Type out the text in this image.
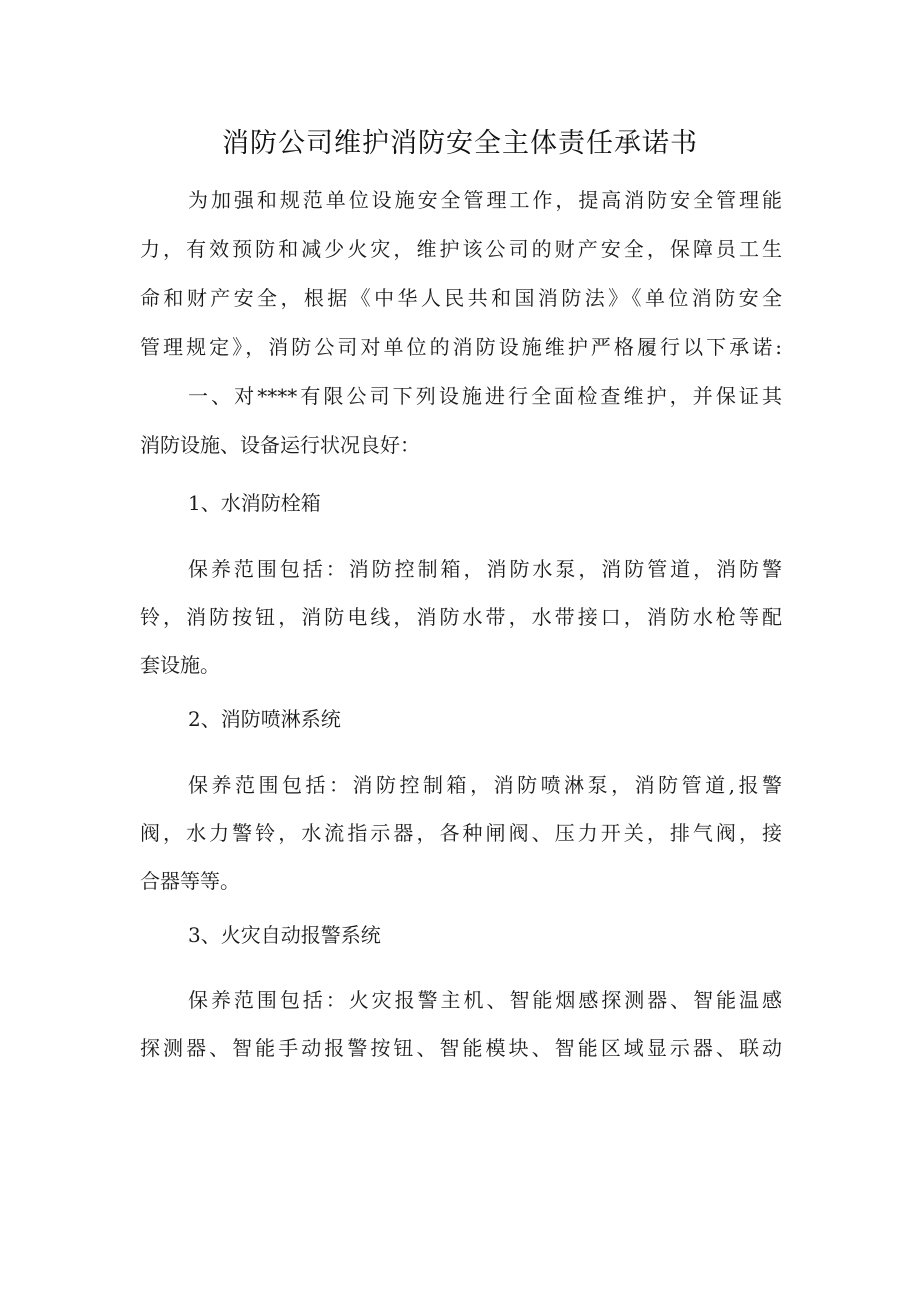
消防公司维护消防安全主体责任承诺书
为加强和规范单位设施安全管理工作，提高消防安全管理能
力，有效预防和减少火灾，维护该公司的财产安全，保障员工生
命和财产安全，根据《中华人民共和国消防法》《单位消防安全
管理规定》，消防公司对单位的消防设施维护严格履行以下承诺:
一、对****有限公司下列设施进行全面检查维护，并保证其
消防设施、设备运行状况良好：
1、水消防栓箱
保养范围包括：消防控制箱，消防水泵，消防管道，消防警
铃，消防按钮，消防电线，消防水带，水带接口，消防水枪等配
套设施。
2、消防喷淋系统
保养范围包括：消防控制箱，消防喷淋泵，消防管道,报警
阀，水力警铃，水流指示器，各种闸阀、压力开关，排气阀，接
合器等等。
3、火灾自动报警系统
保养范围包括：火灾报警主机、智能烟感探测器、智能温感
探测器、智能手动报警按钮、智能模块、智能区域显示器、联动
